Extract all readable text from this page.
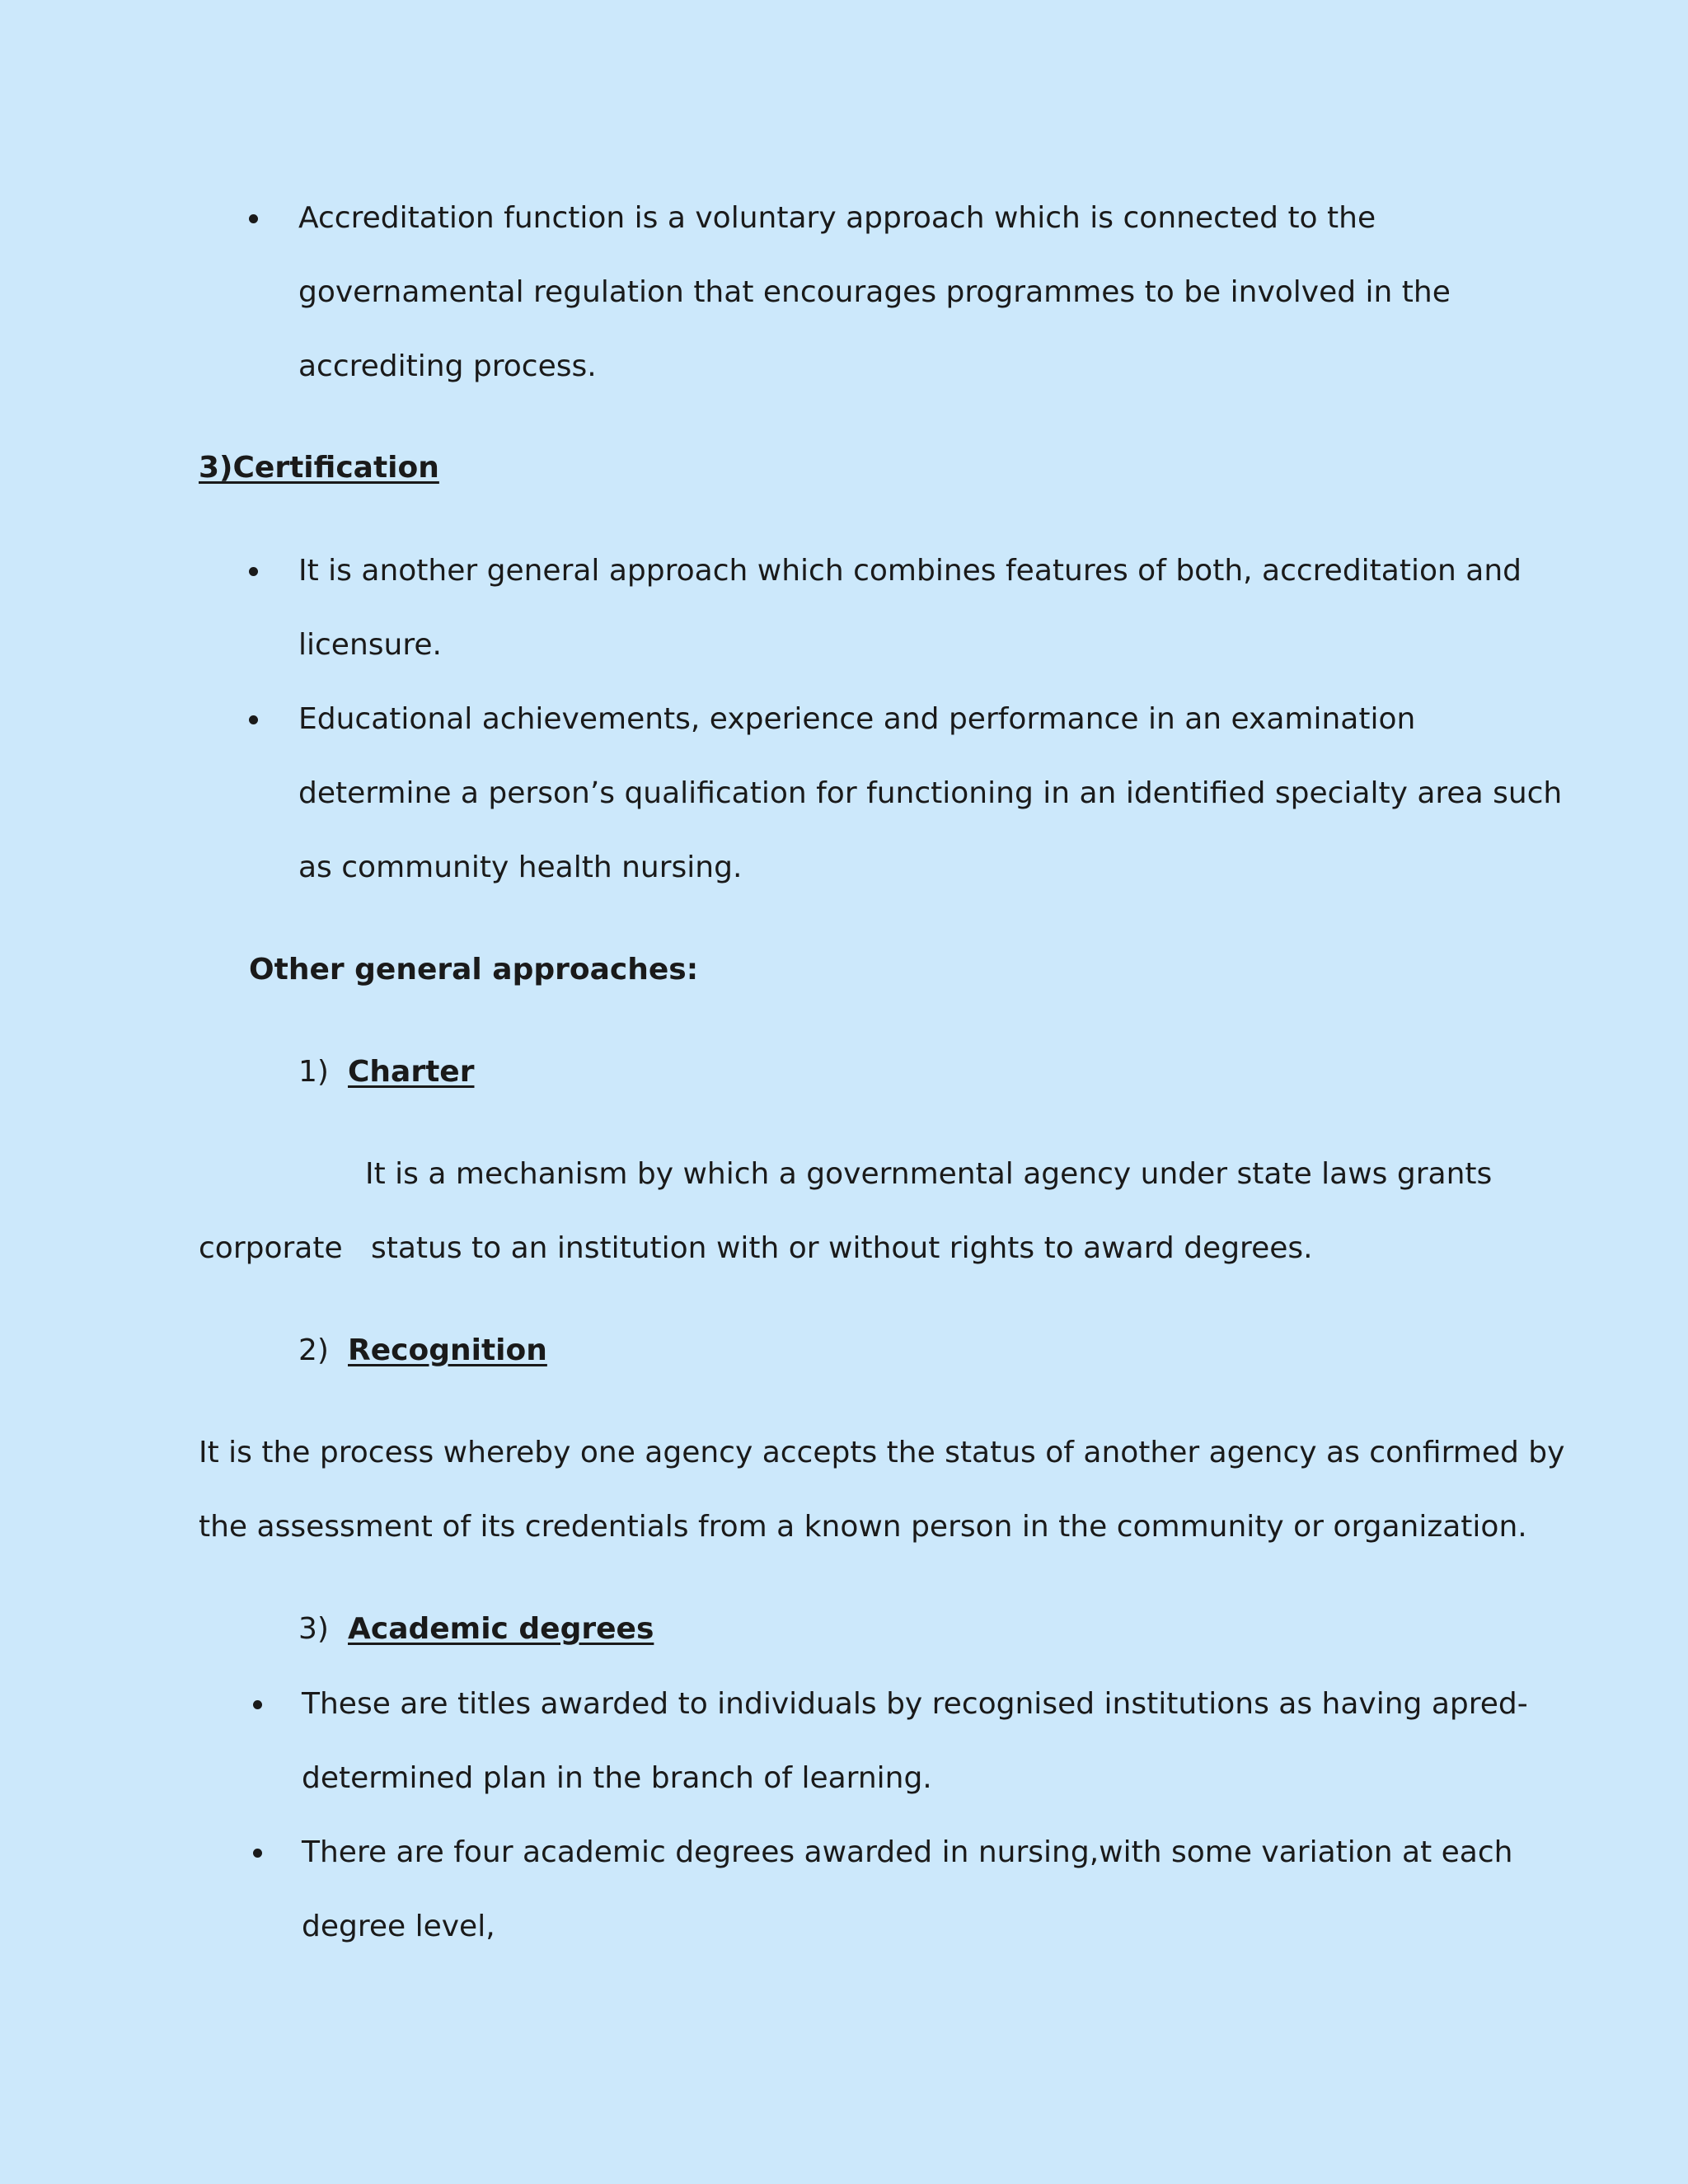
Accreditation function is a voluntary approach which is connected to the
governamental regulation that encourages programmes to be involved in the
accrediting process.
3)Certification
It is another general approach which combines features of both, accreditation and
licensure.
Educational achievements, experience and performance in an examination
determine a person’s qualification for functioning in an identified specialty area such
as community health nursing.
Other general approaches:
1) Charter
It is a mechanism by which a governmental agency under state laws grants
corporate   status to an institution with or without rights to award degrees.
2) Recognition
It is the process whereby one agency accepts the status of another agency as confirmed by
the assessment of its credentials from a known person in the community or organization.
3) Academic degrees
These are titles awarded to individuals by recognised institutions as having apred-
determined plan in the branch of learning.
There are four academic degrees awarded in nursing,with some variation at each
degree level,
